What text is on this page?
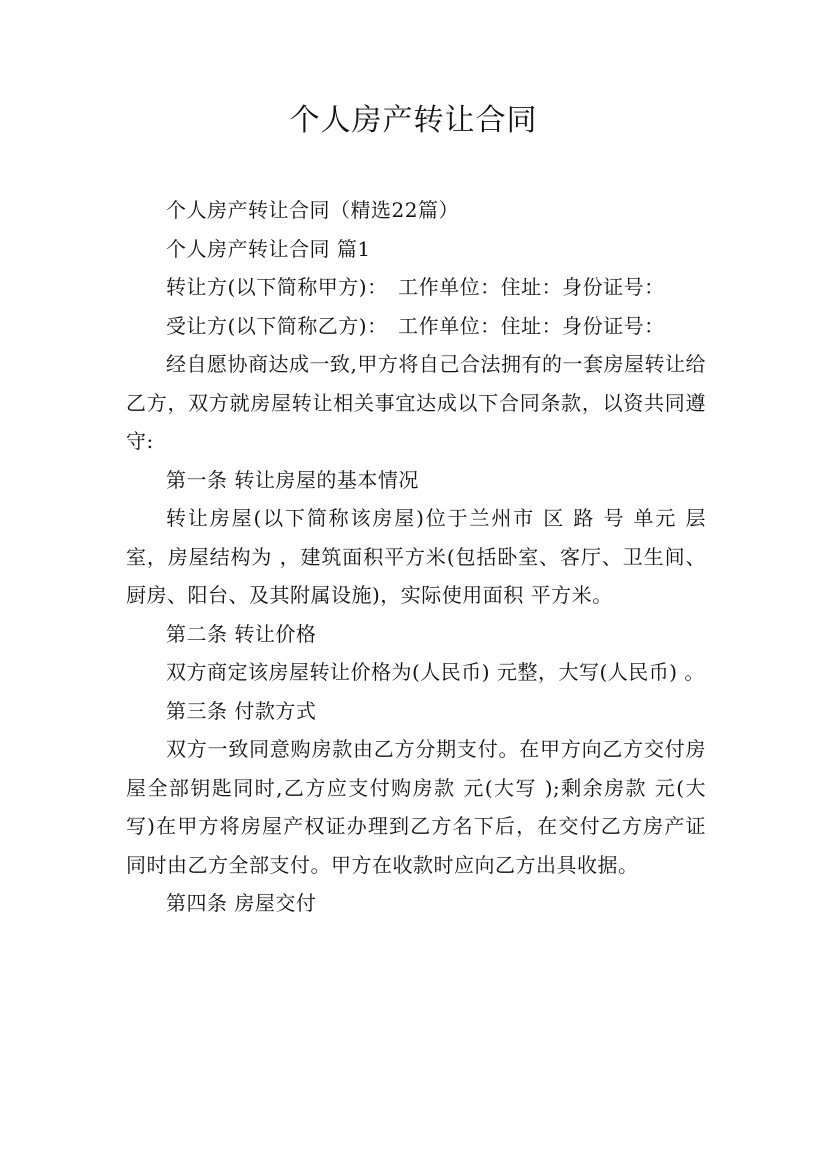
个人房产转让合同

个人房产转让合同（精选22篇）

个人房产转让合同 篇1

转让方(以下简称甲方)：　工作单位：住址：身份证号：

受让方(以下简称乙方)：　工作单位：住址：身份证号：

经自愿协商达成一致,甲方将自己合法拥有的一套房屋转让给乙方，双方就房屋转让相关事宜达成以下合同条款，以资共同遵守:

第一条 转让房屋的基本情况

转让房屋(以下简称该房屋)位于兰州市 区 路 号 单元 层 室，房屋结构为 ，建筑面积平方米(包括卧室、客厅、卫生间、厨房、阳台、及其附属设施)，实际使用面积 平方米。

第二条 转让价格

双方商定该房屋转让价格为(人民币) 元整，大写(人民币) 。

第三条 付款方式

双方一致同意购房款由乙方分期支付。在甲方向乙方交付房屋全部钥匙同时,乙方应支付购房款 元(大写 );剩余房款 元(大写)在甲方将房屋产权证办理到乙方名下后，在交付乙方房产证同时由乙方全部支付。甲方在收款时应向乙方出具收据。

第四条 房屋交付
